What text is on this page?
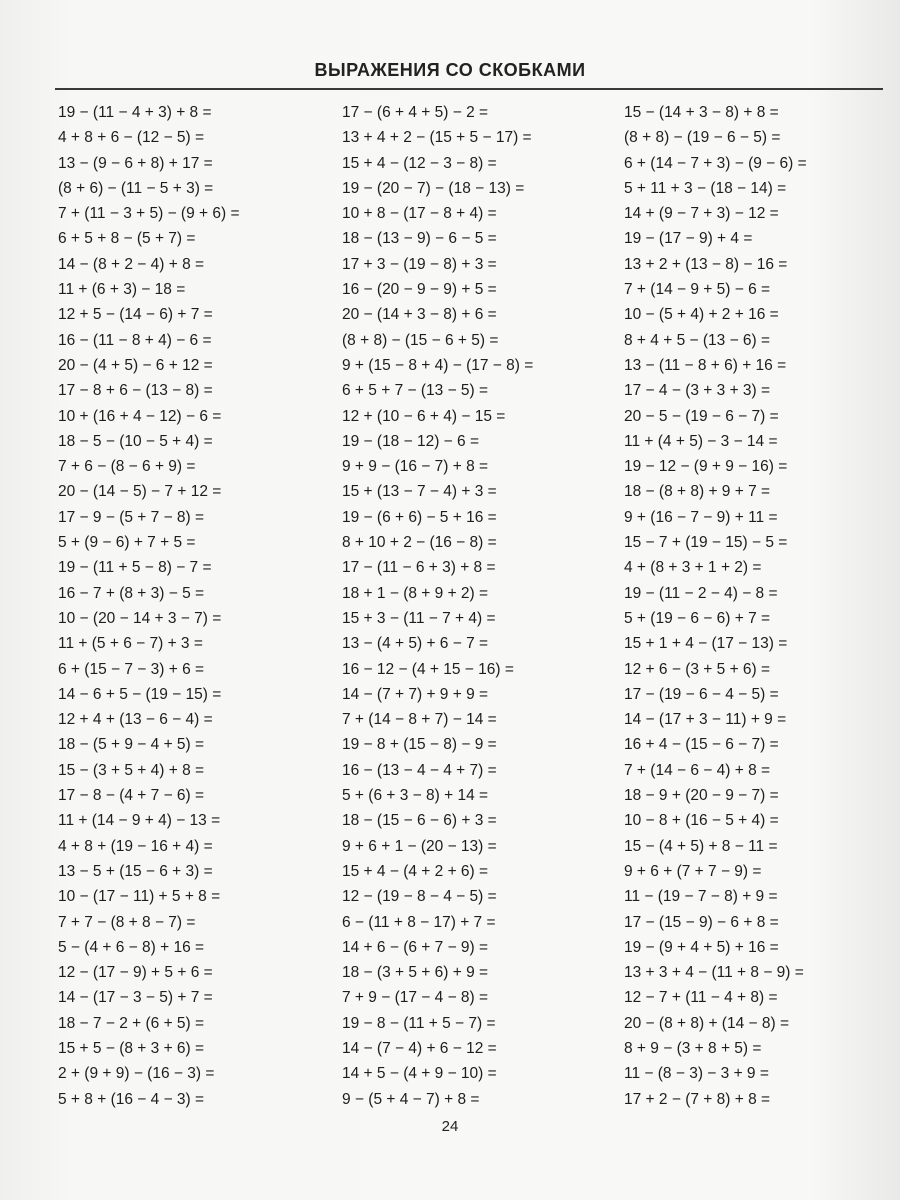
ВЫРАЖЕНИЯ СО СКОБКАМИ
19 − (11 − 4 + 3) + 8 =
4 + 8 + 6 − (12 − 5) =
13 − (9 − 6 + 8) + 17 =
(8 + 6) − (11 − 5 + 3) =
7 + (11 − 3 + 5) − (9 + 6) =
6 + 5 + 8 − (5 + 7) =
14 − (8 + 2 − 4) + 8 =
11 + (6 + 3) − 18 =
12 + 5 − (14 − 6) + 7 =
16 − (11 − 8 + 4) − 6 =
20 − (4 + 5) − 6 + 12 =
17 − 8 + 6 − (13 − 8) =
10 + (16 + 4 − 12) − 6 =
18 − 5 − (10 − 5 + 4) =
7 + 6 − (8 − 6 + 9) =
20 − (14 − 5) − 7 + 12 =
17 − 9 − (5 + 7 − 8) =
5 + (9 − 6) + 7 + 5 =
19 − (11 + 5 − 8) − 7 =
16 − 7 + (8 + 3) − 5 =
10 − (20 − 14 + 3 − 7) =
11 + (5 + 6 − 7) + 3 =
6 + (15 − 7 − 3) + 6 =
14 − 6 + 5 − (19 − 15) =
12 + 4 + (13 − 6 − 4) =
18 − (5 + 9 − 4 + 5) =
15 − (3 + 5 + 4) + 8 =
17 − 8 − (4 + 7 − 6) =
11 + (14 − 9 + 4) − 13 =
4 + 8 + (19 − 16 + 4) =
13 − 5 + (15 − 6 + 3) =
10 − (17 − 11) + 5 + 8 =
7 + 7 − (8 + 8 − 7) =
5 − (4 + 6 − 8) + 16 =
12 − (17 − 9) + 5 + 6 =
14 − (17 − 3 − 5) + 7 =
18 − 7 − 2 + (6 + 5) =
15 + 5 − (8 + 3 + 6) =
2 + (9 + 9) − (16 − 3) =
5 + 8 + (16 − 4 − 3) =
17 − (6 + 4 + 5) − 2 =
13 + 4 + 2 − (15 + 5 − 17) =
15 + 4 − (12 − 3 − 8) =
19 − (20 − 7) − (18 − 13) =
10 + 8 − (17 − 8 + 4) =
18 − (13 − 9) − 6 − 5 =
17 + 3 − (19 − 8) + 3 =
16 − (20 − 9 − 9) + 5 =
20 − (14 + 3 − 8) + 6 =
(8 + 8) − (15 − 6 + 5) =
9 + (15 − 8 + 4) − (17 − 8) =
6 + 5 + 7 − (13 − 5) =
12 + (10 − 6 + 4) − 15 =
19 − (18 − 12) − 6 =
9 + 9 − (16 − 7) + 8 =
15 + (13 − 7 − 4) + 3 =
19 − (6 + 6) − 5 + 16 =
8 + 10 + 2 − (16 − 8) =
17 − (11 − 6 + 3) + 8 =
18 + 1 − (8 + 9 + 2) =
15 + 3 − (11 − 7 + 4) =
13 − (4 + 5) + 6 − 7 =
16 − 12 − (4 + 15 − 16) =
14 − (7 + 7) + 9 + 9 =
7 + (14 − 8 + 7) − 14 =
19 − 8 + (15 − 8) − 9 =
16 − (13 − 4 − 4 + 7) =
5 + (6 + 3 − 8) + 14 =
18 − (15 − 6 − 6) + 3 =
9 + 6 + 1 − (20 − 13) =
15 + 4 − (4 + 2 + 6) =
12 − (19 − 8 − 4 − 5) =
6 − (11 + 8 − 17) + 7 =
14 + 6 − (6 + 7 − 9) =
18 − (3 + 5 + 6) + 9 =
7 + 9 − (17 − 4 − 8) =
19 − 8 − (11 + 5 − 7) =
14 − (7 − 4) + 6 − 12 =
14 + 5 − (4 + 9 − 10) =
9 − (5 + 4 − 7) + 8 =
15 − (14 + 3 − 8) + 8 =
(8 + 8) − (19 − 6 − 5) =
6 + (14 − 7 + 3) − (9 − 6) =
5 + 11 + 3 − (18 − 14) =
14 + (9 − 7 + 3) − 12 =
19 − (17 − 9) + 4 =
13 + 2 + (13 − 8) − 16 =
7 + (14 − 9 + 5) − 6 =
10 − (5 + 4) + 2 + 16 =
8 + 4 + 5 − (13 − 6) =
13 − (11 − 8 + 6) + 16 =
17 − 4 − (3 + 3 + 3) =
20 − 5 − (19 − 6 − 7) =
11 + (4 + 5) − 3 − 14 =
19 − 12 − (9 + 9 − 16) =
18 − (8 + 8) + 9 + 7 =
9 + (16 − 7 − 9) + 11 =
15 − 7 + (19 − 15) − 5 =
4 + (8 + 3 + 1 + 2) =
19 − (11 − 2 − 4) − 8 =
5 + (19 − 6 − 6) + 7 =
15 + 1 + 4 − (17 − 13) =
12 + 6 − (3 + 5 + 6) =
17 − (19 − 6 − 4 − 5) =
14 − (17 + 3 − 11) + 9 =
16 + 4 − (15 − 6 − 7) =
7 + (14 − 6 − 4) + 8 =
18 − 9 + (20 − 9 − 7) =
10 − 8 + (16 − 5 + 4) =
15 − (4 + 5) + 8 − 11 =
9 + 6 + (7 + 7 − 9) =
11 − (19 − 7 − 8) + 9 =
17 − (15 − 9) − 6 + 8 =
19 − (9 + 4 + 5) + 16 =
13 + 3 + 4 − (11 + 8 − 9) =
12 − 7 + (11 − 4 + 8) =
20 − (8 + 8) + (14 − 8) =
8 + 9 − (3 + 8 + 5) =
11 − (8 − 3) − 3 + 9 =
17 + 2 − (7 + 8) + 8 =
24
